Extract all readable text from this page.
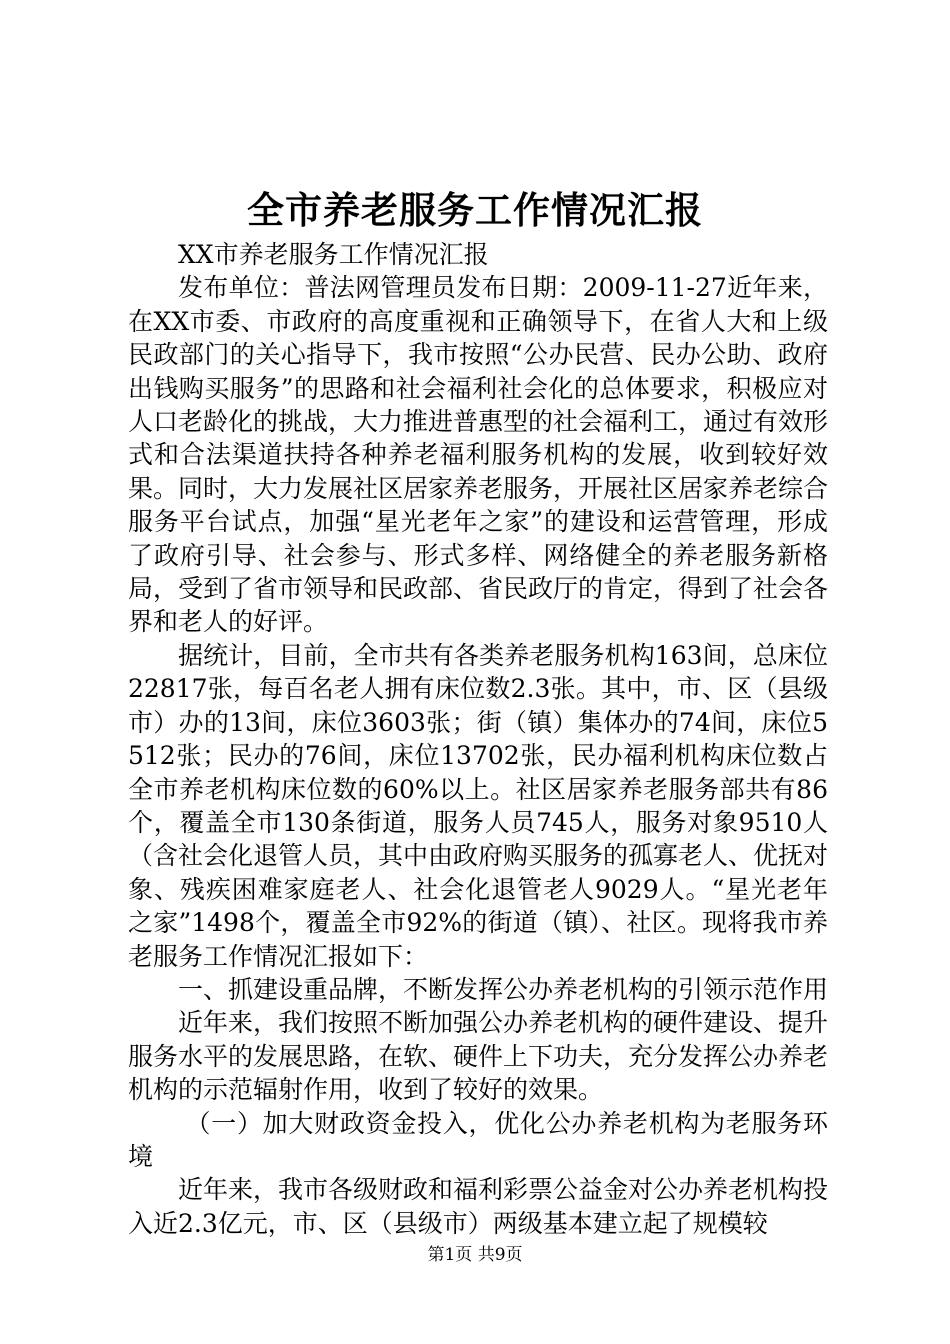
全市养老服务工作情况汇报

XX市养老服务工作情况汇报

发布单位：普法网管理员发布日期：2009-11-27近年来，在XX市委、市政府的高度重视和正确领导下，在省人大和上级民政部门的关心指导下，我市按照“公办民营、民办公助、政府出钱购买服务”的思路和社会福利社会化的总体要求，积极应对人口老龄化的挑战，大力推进普惠型的社会福利工，通过有效形式和合法渠道扶持各种养老福利服务机构的发展，收到较好效果。同时，大力发展社区居家养老服务，开展社区居家养老综合服务平台试点，加强“星光老年之家”的建设和运营管理，形成了政府引导、社会参与、形式多样、网络健全的养老服务新格局，受到了省市领导和民政部、省民政厅的肯定，得到了社会各界和老人的好评。

据统计，目前，全市共有各类养老服务机构163间，总床位22817张，每百名老人拥有床位数2.3张。其中，市、区（县级市）办的13间，床位3603张；街（镇）集体办的74间，床位5512张；民办的76间，床位13702张，民办福利机构床位数占全市养老机构床位数的60%以上。社区居家养老服务部共有86个，覆盖全市130条街道，服务人员745人，服务对象9510人（含社会化退管人员，其中由政府购买服务的孤寡老人、优抚对象、残疾困难家庭老人、社会化退管老人9029人。“星光老年之家”1498个，覆盖全市92%的街道（镇）、社区。现将我市养老服务工作情况汇报如下：

一、抓建设重品牌，不断发挥公办养老机构的引领示范作用

近年来，我们按照不断加强公办养老机构的硬件建设、提升服务水平的发展思路，在软、硬件上下功夫，充分发挥公办养老机构的示范辐射作用，收到了较好的效果。

（一）加大财政资金投入，优化公办养老机构为老服务环境

近年来，我市各级财政和福利彩票公益金对公办养老机构投入近2.3亿元，市、区（县级市）两级基本建立起了规模较

第1页 共9页
